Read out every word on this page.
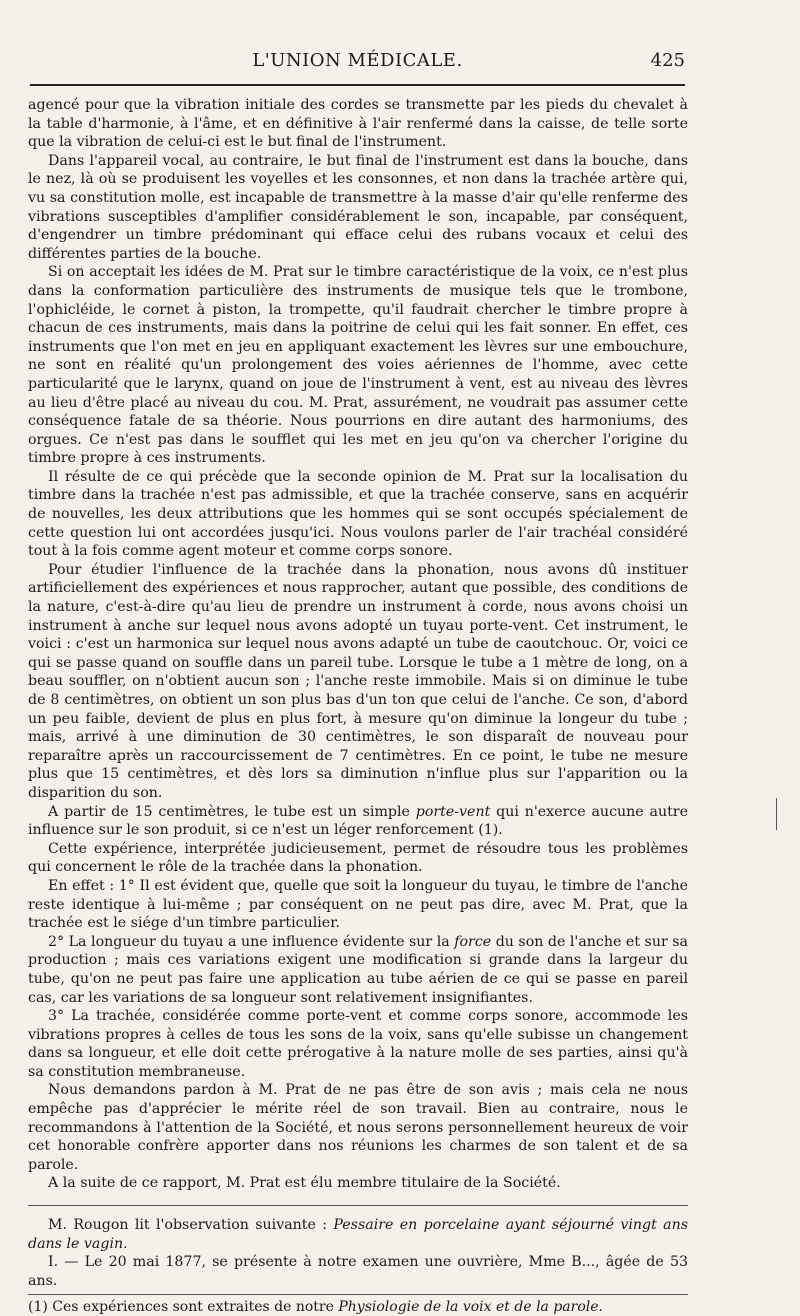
L'UNION MÉDICALE.	425

agencé pour que la vibration initiale des cordes se transmette par les pieds du chevalet à la table d'harmonie, à l'âme, et en définitive à l'air renfermé dans la caisse, de telle sorte que la vibration de celui-ci est le but final de l'instrument.

Dans l'appareil vocal, au contraire, le but final de l'instrument est dans la bouche, dans le nez, là où se produisent les voyelles et les consonnes, et non dans la trachée artère qui, vu sa constitution molle, est incapable de transmettre à la masse d'air qu'elle renferme des vibrations susceptibles d'amplifier considérablement le son, incapable, par conséquent, d'engendrer un timbre prédominant qui efface celui des rubans vocaux et celui des différentes parties de la bouche.

Si on acceptait les idées de M. Prat sur le timbre caractéristique de la voix, ce n'est plus dans la conformation particulière des instruments de musique tels que le trombone, l'ophicléide, le cornet à piston, la trompette, qu'il faudrait chercher le timbre propre à chacun de ces instruments, mais dans la poitrine de celui qui les fait sonner. En effet, ces instruments que l'on met en jeu en appliquant exactement les lèvres sur une embouchure, ne sont en réalité qu'un prolongement des voies aériennes de l'homme, avec cette particularité que le larynx, quand on joue de l'instrument à vent, est au niveau des lèvres au lieu d'être placé au niveau du cou. M. Prat, assurément, ne voudrait pas assumer cette conséquence fatale de sa théorie. Nous pourrions en dire autant des harmoniums, des orgues. Ce n'est pas dans le soufflet qui les met en jeu qu'on va chercher l'origine du timbre propre à ces instruments.

Il résulte de ce qui précède que la seconde opinion de M. Prat sur la localisation du timbre dans la trachée n'est pas admissible, et que la trachée conserve, sans en acquérir de nouvelles, les deux attributions que les hommes qui se sont occupés spécialement de cette question lui ont accordées jusqu'ici. Nous voulons parler de l'air trachéal considéré tout à la fois comme agent moteur et comme corps sonore.

Pour étudier l'influence de la trachée dans la phonation, nous avons dû instituer artificiellement des expériences et nous rapprocher, autant que possible, des conditions de la nature, c'est-à-dire qu'au lieu de prendre un instrument à corde, nous avons choisi un instrument à anche sur lequel nous avons adopté un tuyau porte-vent. Cet instrument, le voici : c'est un harmonica sur lequel nous avons adapté un tube de caoutchouc. Or, voici ce qui se passe quand on souffle dans un pareil tube. Lorsque le tube a 1 mètre de long, on a beau souffler, on n'obtient aucun son ; l'anche reste immobile. Mais si on diminue le tube de 8 centimètres, on obtient un son plus bas d'un ton que celui de l'anche. Ce son, d'abord un peu faible, devient de plus en plus fort, à mesure qu'on diminue la longeur du tube ; mais, arrivé à une diminution de 30 centimètres, le son disparaît de nouveau pour reparaître après un raccourcissement de 7 centimètres. En ce point, le tube ne mesure plus que 15 centimètres, et dès lors sa diminution n'influe plus sur l'apparition ou la disparition du son.

A partir de 15 centimètres, le tube est un simple porte-vent qui n'exerce aucune autre influence sur le son produit, si ce n'est un léger renforcement (1).

Cette expérience, interprétée judicieusement, permet de résoudre tous les problèmes qui concernent le rôle de la trachée dans la phonation.

En effet : 1° Il est évident que, quelle que soit la longueur du tuyau, le timbre de l'anche reste identique à lui-même ; par conséquent on ne peut pas dire, avec M. Prat, que la trachée est le siége d'un timbre particulier.

2° La longueur du tuyau a une influence évidente sur la force du son de l'anche et sur sa production ; mais ces variations exigent une modification si grande dans la largeur du tube, qu'on ne peut pas faire une application au tube aérien de ce qui se passe en pareil cas, car les variations de sa longueur sont relativement insignifiantes.

3° La trachée, considérée comme porte-vent et comme corps sonore, accommode les vibrations propres à celles de tous les sons de la voix, sans qu'elle subisse un changement dans sa longueur, et elle doit cette prérogative à la nature molle de ses parties, ainsi qu'à sa constitution membraneuse.

Nous demandons pardon à M. Prat de ne pas être de son avis ; mais cela ne nous empêche pas d'apprécier le mérite réel de son travail. Bien au contraire, nous le recommandons à l'attention de la Société, et nous serons personnellement heureux de voir cet honorable confrère apporter dans nos réunions les charmes de son talent et de sa parole.

A la suite de ce rapport, M. Prat est élu membre titulaire de la Société.

M. Rougon lit l'observation suivante : Pessaire en porcelaine ayant séjourné vingt ans dans le vagin.

I. — Le 20 mai 1877, se présente à notre examen une ouvrière, Mme B..., âgée de 53 ans.

(1) Ces expériences sont extraites de notre Physiologie de la voix et de la parole.
